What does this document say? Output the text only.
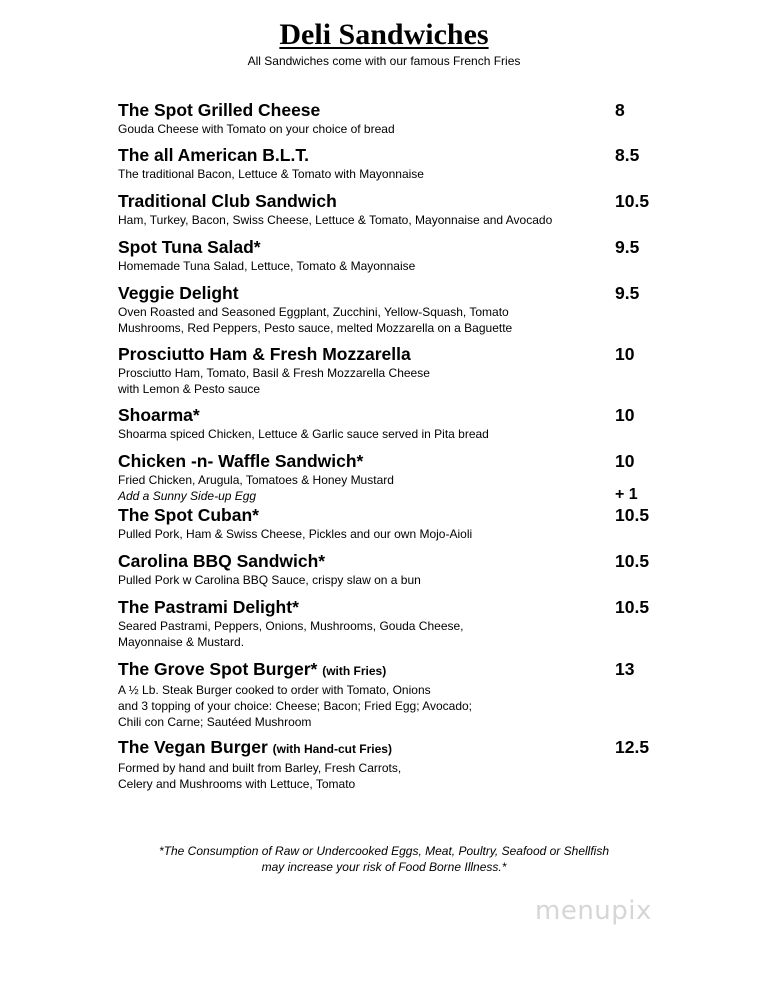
Deli Sandwiches

All Sandwiches come with our famous French Fries

The Spot Grilled Cheese	8
Gouda Cheese with Tomato on your choice of bread
The all American B.L.T.	8.5
The traditional Bacon, Lettuce & Tomato with Mayonnaise
Traditional Club Sandwich	10.5
Ham, Turkey, Bacon, Swiss Cheese, Lettuce & Tomato, Mayonnaise and Avocado
Spot Tuna Salad*	9.5
Homemade Tuna Salad, Lettuce, Tomato & Mayonnaise
Veggie Delight	9.5
Oven Roasted and Seasoned Eggplant, Zucchini, Yellow-Squash, Tomato
Mushrooms, Red Peppers, Pesto sauce, melted Mozzarella on a Baguette
Prosciutto Ham & Fresh Mozzarella	10
Prosciutto Ham, Tomato, Basil & Fresh Mozzarella Cheese
with Lemon & Pesto sauce
Shoarma*	10
Shoarma spiced Chicken, Lettuce & Garlic sauce served in Pita bread
Chicken -n- Waffle Sandwich*	10
Fried Chicken, Arugula, Tomatoes & Honey Mustard
Add a Sunny Side-up Egg	+ 1
The Spot Cuban*	10.5
Pulled Pork, Ham & Swiss Cheese, Pickles and our own Mojo-Aioli
Carolina BBQ Sandwich*	10.5
Pulled Pork w Carolina BBQ Sauce, crispy slaw on a bun
The Pastrami Delight*	10.5
Seared Pastrami, Peppers, Onions, Mushrooms, Gouda Cheese,
Mayonnaise & Mustard.
The Grove Spot Burger* (with Fries)	13
A ½ Lb. Steak Burger cooked to order with Tomato, Onions
and 3 topping of your choice: Cheese; Bacon; Fried Egg; Avocado;
Chili con Carne; Sautéed Mushroom
The Vegan Burger (with Hand-cut Fries)	12.5
Formed by hand and built from Barley, Fresh Carrots,
Celery and Mushrooms with Lettuce, Tomato
*The Consumption of Raw or Undercooked Eggs, Meat, Poultry, Seafood or Shellfish
may increase your risk of Food Borne Illness.*
menupix
